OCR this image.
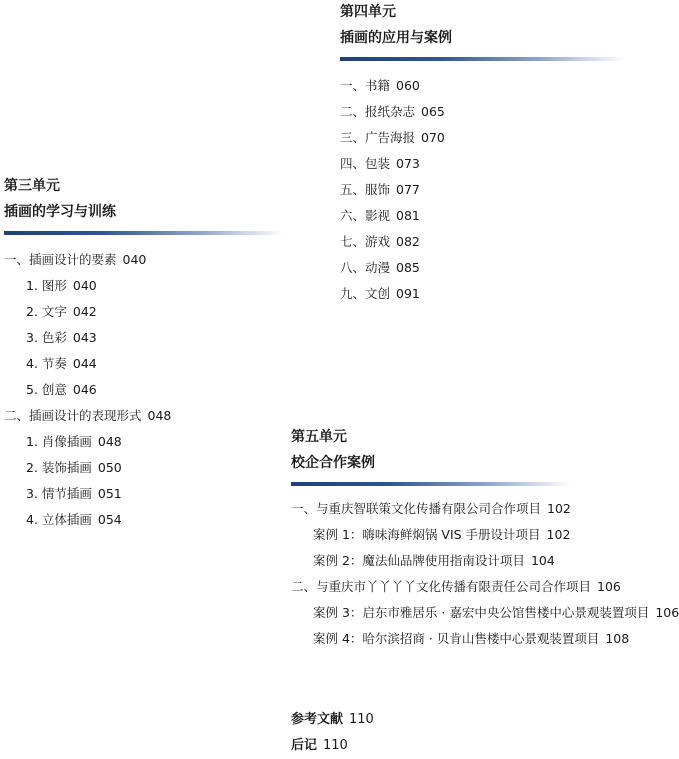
第四单元

插画的应用与案例

一、书籍 060
二、报纸杂志 065
三、广告海报 070
四、包装 073
五、服饰 077
六、影视 081
七、游戏 082
八、动漫 085
九、文创 091

第三单元

插画的学习与训练

一、插画设计的要素 040
1. 图形 040
2. 文字 042
3. 色彩 043
4. 节奏 044
5. 创意 046
二、插画设计的表现形式 048
1. 肖像插画 048
2. 装饰插画 050
3. 情节插画 051
4. 立体插画 054

第五单元

校企合作案例

一、与重庆智联策文化传播有限公司合作项目 102
案例 1：嗨味海鲜焖锅 VIS 手册设计项目 102
案例 2：魔法仙品牌使用指南设计项目 104
二、与重庆市丫丫丫丫文化传播有限责任公司合作项目 106
案例 3：启东市雅居乐 · 嘉宏中央公馆售楼中心景观装置项目 106
案例 4：哈尔滨招商 · 贝肯山售楼中心景观装置项目 108
参考文献 110
后记 110
